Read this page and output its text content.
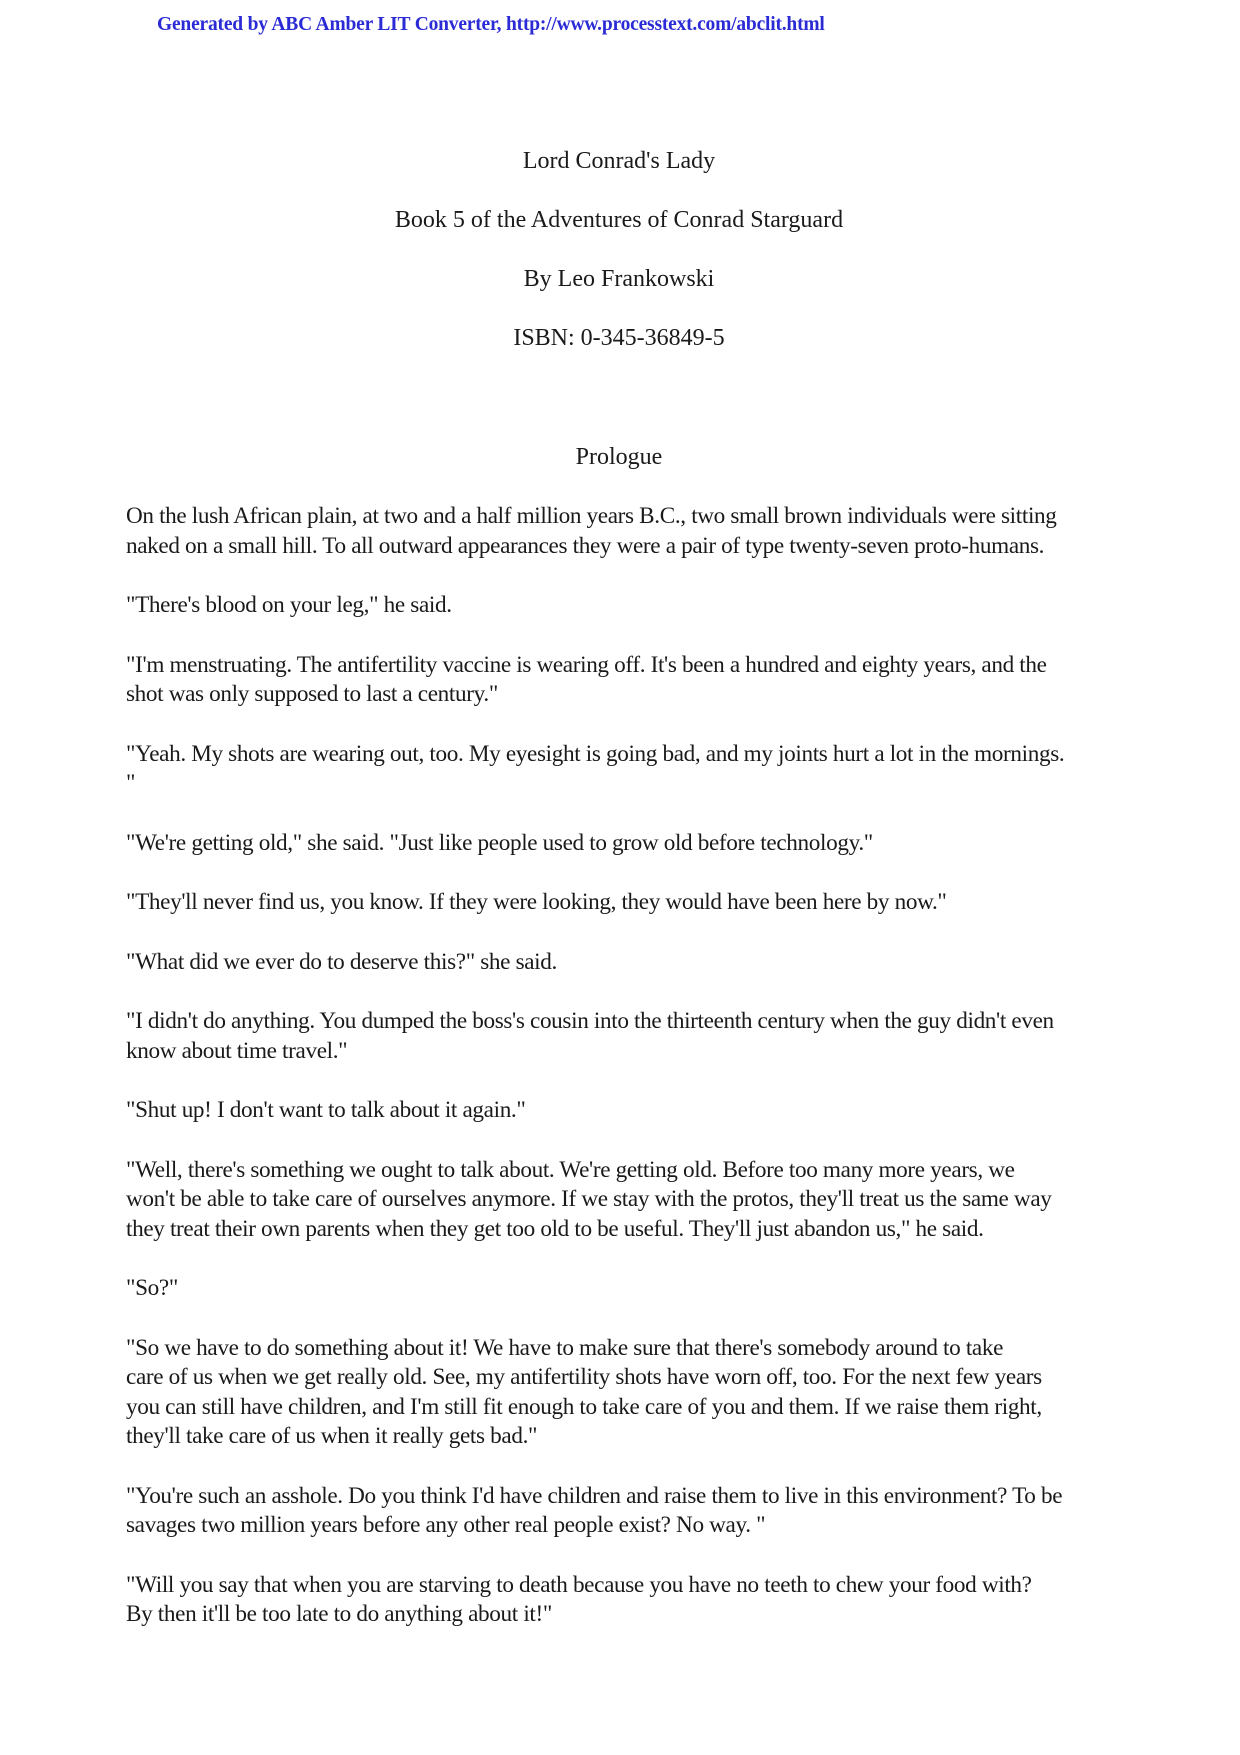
Generated by ABC Amber LIT Converter, http://www.processtext.com/abclit.html
Lord Conrad's Lady
Book 5 of the Adventures of Conrad Starguard
By Leo Frankowski
ISBN: 0-345-36849-5
Prologue

On the lush African plain, at two and a half million years B.C., two small brown individuals were sitting
naked on a small hill. To all outward appearances they were a pair of type twenty-seven proto-humans.

"There's blood on your leg," he said.

"I'm menstruating. The antifertility vaccine is wearing off. It's been a hundred and eighty years, and the
shot was only supposed to last a century."

"Yeah. My shots are wearing out, too. My eyesight is going bad, and my joints hurt a lot in the mornings.
"

"We're getting old," she said. "Just like people used to grow old before technology."

"They'll never find us, you know. If they were looking, they would have been here by now."

"What did we ever do to deserve this?" she said.

"I didn't do anything. You dumped the boss's cousin into the thirteenth century when the guy didn't even
know about time travel."

"Shut up! I don't want to talk about it again."

"Well, there's something we ought to talk about. We're getting old. Before too many more years, we
won't be able to take care of ourselves anymore. If we stay with the protos, they'll treat us the same way
they treat their own parents when they get too old to be useful. They'll just abandon us," he said.

"So?"

"So we have to do something about it! We have to make sure that there's somebody around to take
care of us when we get really old. See, my antifertility shots have worn off, too. For the next few years
you can still have children, and I'm still fit enough to take care of you and them. If we raise them right,
they'll take care of us when it really gets bad."

"You're such an asshole. Do you think I'd have children and raise them to live in this environment? To be
savages two million years before any other real people exist? No way. "

"Will you say that when you are starving to death because you have no teeth to chew your food with?
By then it'll be too late to do anything about it!"
